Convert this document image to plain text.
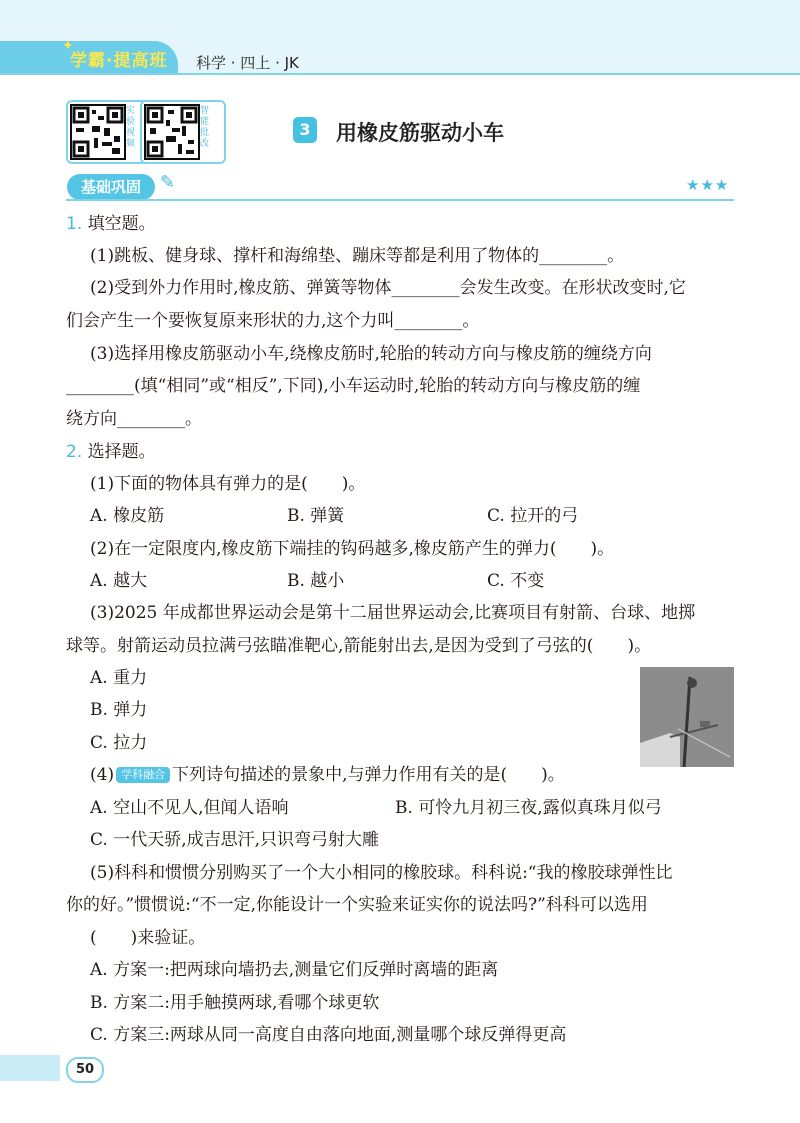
✦
学霸·提高班 科学 · 四上 · JK
实验视频
智能批改
3	用橡皮筋驱动小车
基础巩固	✎	★★★
1. 填空题。
(1)跳板、健身球、撑杆和海绵垫、蹦床等都是利用了物体的________。
(2)受到外力作用时,橡皮筋、弹簧等物体________会发生改变。在形状改变时,它
们会产生一个要恢复原来形状的力,这个力叫________。
(3)选择用橡皮筋驱动小车,绕橡皮筋时,轮胎的转动方向与橡皮筋的缠绕方向
________(填“相同”或“相反”,下同),小车运动时,轮胎的转动方向与橡皮筋的缠
绕方向________。
2. 选择题。
(1)下面的物体具有弹力的是(　　)。
A. 橡皮筋	B. 弹簧	C. 拉开的弓
(2)在一定限度内,橡皮筋下端挂的钩码越多,橡皮筋产生的弹力(　　)。
A. 越大	B. 越小	C. 不变
(3)2025 年成都世界运动会是第十二届世界运动会,比赛项目有射箭、台球、地掷
球等。射箭运动员拉满弓弦瞄准靶心,箭能射出去,是因为受到了弓弦的(　　)。
A. 重力
B. 弹力
C. 拉力
(4) 学科融合 下列诗句描述的景象中,与弹力作用有关的是(　　)。
A. 空山不见人,但闻人语响	B. 可怜九月初三夜,露似真珠月似弓
C. 一代天骄,成吉思汗,只识弯弓射大雕
(5)科科和惯惯分别购买了一个大小相同的橡胶球。科科说:“我的橡胶球弹性比
你的好。”惯惯说:“不一定,你能设计一个实验来证实你的说法吗?”科科可以选用
(　　)来验证。
A. 方案一:把两球向墙扔去,测量它们反弹时离墙的距离
B. 方案二:用手触摸两球,看哪个球更软
C. 方案三:两球从同一高度自由落向地面,测量哪个球反弹得更高
50
